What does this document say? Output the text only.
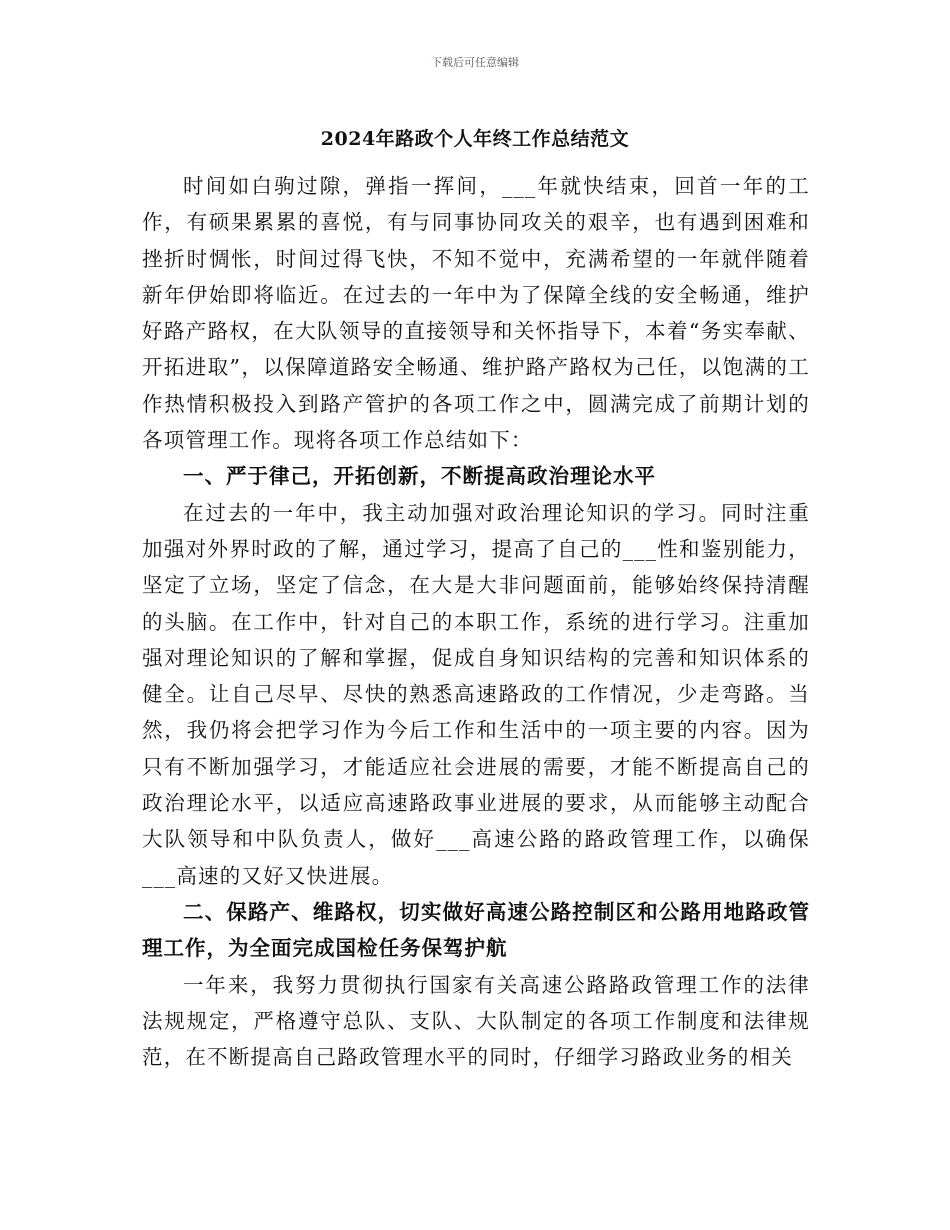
下载后可任意编辑
2024年路政个人年终工作总结范文

时间如白驹过隙，弹指一挥间，___年就快结束，回首一年的工作，有硕果累累的喜悦，有与同事协同攻关的艰辛，也有遇到困难和挫折时惆怅，时间过得飞快，不知不觉中，充满希望的一年就伴随着新年伊始即将临近。在过去的一年中为了保障全线的安全畅通，维护好路产路权，在大队领导的直接领导和关怀指导下，本着“务实奉献、开拓进取”，以保障道路安全畅通、维护路产路权为己任，以饱满的工作热情积极投入到路产管护的各项工作之中，圆满完成了前期计划的各项管理工作。现将各项工作总结如下：

一、严于律己，开拓创新，不断提高政治理论水平

在过去的一年中，我主动加强对政治理论知识的学习。同时注重加强对外界时政的了解，通过学习，提高了自己的___性和鉴别能力，坚定了立场，坚定了信念，在大是大非问题面前，能够始终保持清醒的头脑。在工作中，针对自己的本职工作，系统的进行学习。注重加强对理论知识的了解和掌握，促成自身知识结构的完善和知识体系的健全。让自己尽早、尽快的熟悉高速路政的工作情况，少走弯路。当然，我仍将会把学习作为今后工作和生活中的一项主要的内容。因为只有不断加强学习，才能适应社会进展的需要，才能不断提高自己的政治理论水平，以适应高速路政事业进展的要求，从而能够主动配合大队领导和中队负责人，做好___高速公路的路政管理工作，以确保___高速的又好又快进展。

二、保路产、维路权，切实做好高速公路控制区和公路用地路政管理工作，为全面完成国检任务保驾护航

一年来，我努力贯彻执行国家有关高速公路路政管理工作的法律法规规定，严格遵守总队、支队、大队制定的各项工作制度和法律规范，在不断提高自己路政管理水平的同时，仔细学习路政业务的相关
